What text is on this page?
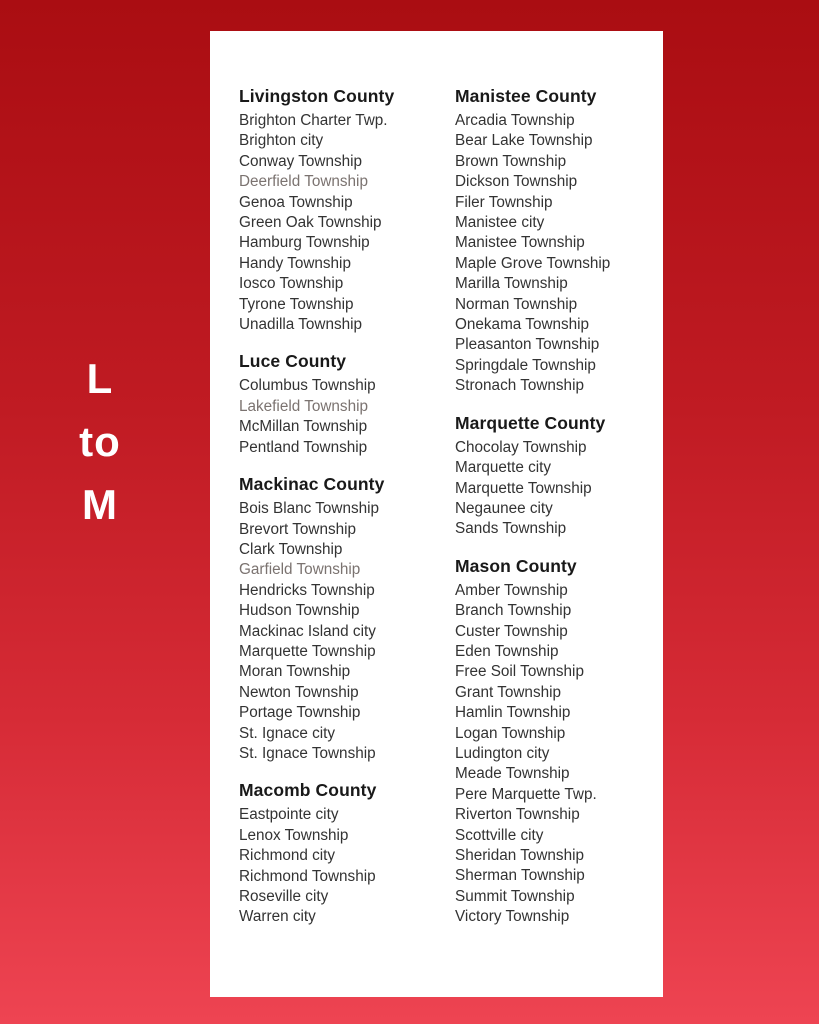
L
to
M
Livingston County
Brighton Charter Twp.
Brighton city
Conway Township
Deerfield Township
Genoa Township
Green Oak Township
Hamburg Township
Handy Township
Iosco Township
Tyrone Township
Unadilla Township
Luce County
Columbus Township
Lakefield Township
McMillan Township
Pentland Township
Mackinac County
Bois Blanc Township
Brevort Township
Clark Township
Garfield Township
Hendricks Township
Hudson Township
Mackinac Island city
Marquette Township
Moran Township
Newton Township
Portage Township
St. Ignace city
St. Ignace Township
Macomb County
Eastpointe city
Lenox Township
Richmond city
Richmond Township
Roseville city
Warren city
Manistee County
Arcadia Township
Bear Lake Township
Brown Township
Dickson Township
Filer Township
Manistee city
Manistee Township
Maple Grove Township
Marilla Township
Norman Township
Onekama Township
Pleasanton Township
Springdale Township
Stronach Township
Marquette County
Chocolay Township
Marquette city
Marquette Township
Negaunee city
Sands Township
Mason County
Amber Township
Branch Township
Custer Township
Eden Township
Free Soil Township
Grant Township
Hamlin Township
Logan Township
Ludington city
Meade Township
Pere Marquette Twp.
Riverton Township
Scottville city
Sheridan Township
Sherman Township
Summit Township
Victory Township
